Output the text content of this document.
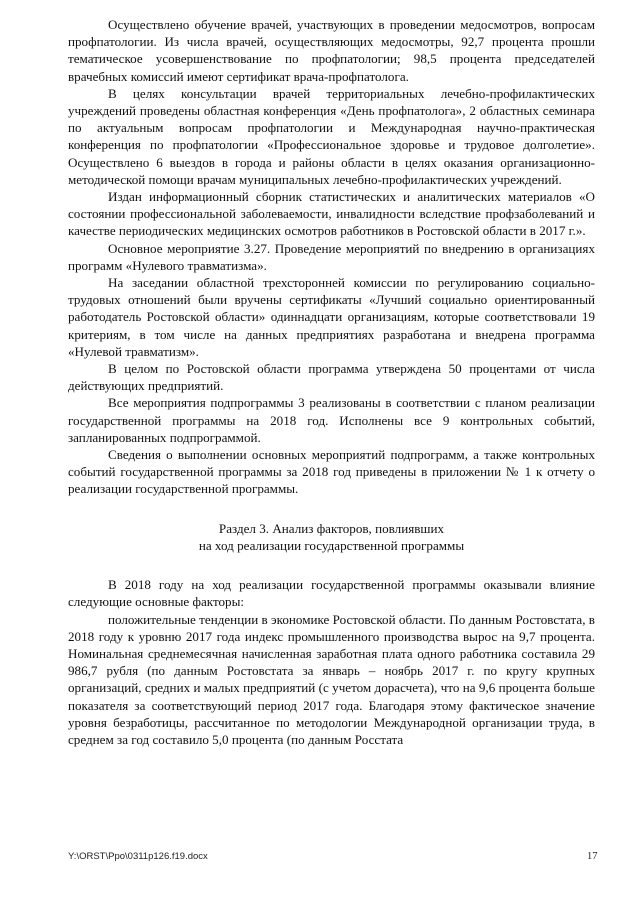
Осуществлено обучение врачей, участвующих в проведении медосмотров, вопросам профпатологии. Из числа врачей, осуществляющих медосмотры, 92,7 процента прошли тематическое усовершенствование по профпатологии; 98,5 процента председателей врачебных комиссий имеют сертификат врача-профпатолога.

В целях консультации врачей территориальных лечебно-профилактических учреждений проведены областная конференция «День профпатолога», 2 областных семинара по актуальным вопросам профпатологии и Международная научно-практическая конференция по профпатологии «Профессиональное здоровье и трудовое долголетие». Осуществлено 6 выездов в города и районы области в целях оказания организационно-методической помощи врачам муниципальных лечебно-профилактических учреждений.

Издан информационный сборник статистических и аналитических материалов «О состоянии профессиональной заболеваемости, инвалидности вследствие профзаболеваний и качестве периодических медицинских осмотров работников в Ростовской области в 2017 г.».

Основное мероприятие 3.27. Проведение мероприятий по внедрению в организациях программ «Нулевого травматизма».

На заседании областной трехсторонней комиссии по регулированию социально-трудовых отношений были вручены сертификаты «Лучший социально ориентированный работодатель Ростовской области» одиннадцати организациям, которые соответствовали 19 критериям, в том числе на данных предприятиях разработана и внедрена программа «Нулевой травматизм».

В целом по Ростовской области программа утверждена 50 процентами от числа действующих предприятий.

Все мероприятия подпрограммы 3 реализованы в соответствии с планом реализации государственной программы на 2018 год. Исполнены все 9 контрольных событий, запланированных подпрограммой.

Сведения о выполнении основных мероприятий подпрограмм, а также контрольных событий государственной программы за 2018 год приведены в приложении № 1 к отчету о реализации государственной программы.

Раздел 3. Анализ факторов, повлиявших
на ход реализации государственной программы

В 2018 году на ход реализации государственной программы оказывали влияние следующие основные факторы:

положительные тенденции в экономике Ростовской области. По данным Ростовстата, в 2018 году к уровню 2017 года индекс промышленного производства вырос на 9,7 процента. Номинальная среднемесячная начисленная заработная плата одного работника составила 29 986,7 рубля (по данным Ростовстата за январь – ноябрь 2017 г. по кругу крупных организаций, средних и малых предприятий (с учетом дорасчета), что на 9,6 процента больше показателя за соответствующий период 2017 года. Благодаря этому фактическое значение уровня безработицы, рассчитанное по методологии Международной организации труда, в среднем за год составило 5,0 процента (по данным Росстата

Y:\ORST\Ppo\0311p126.f19.docx	17
